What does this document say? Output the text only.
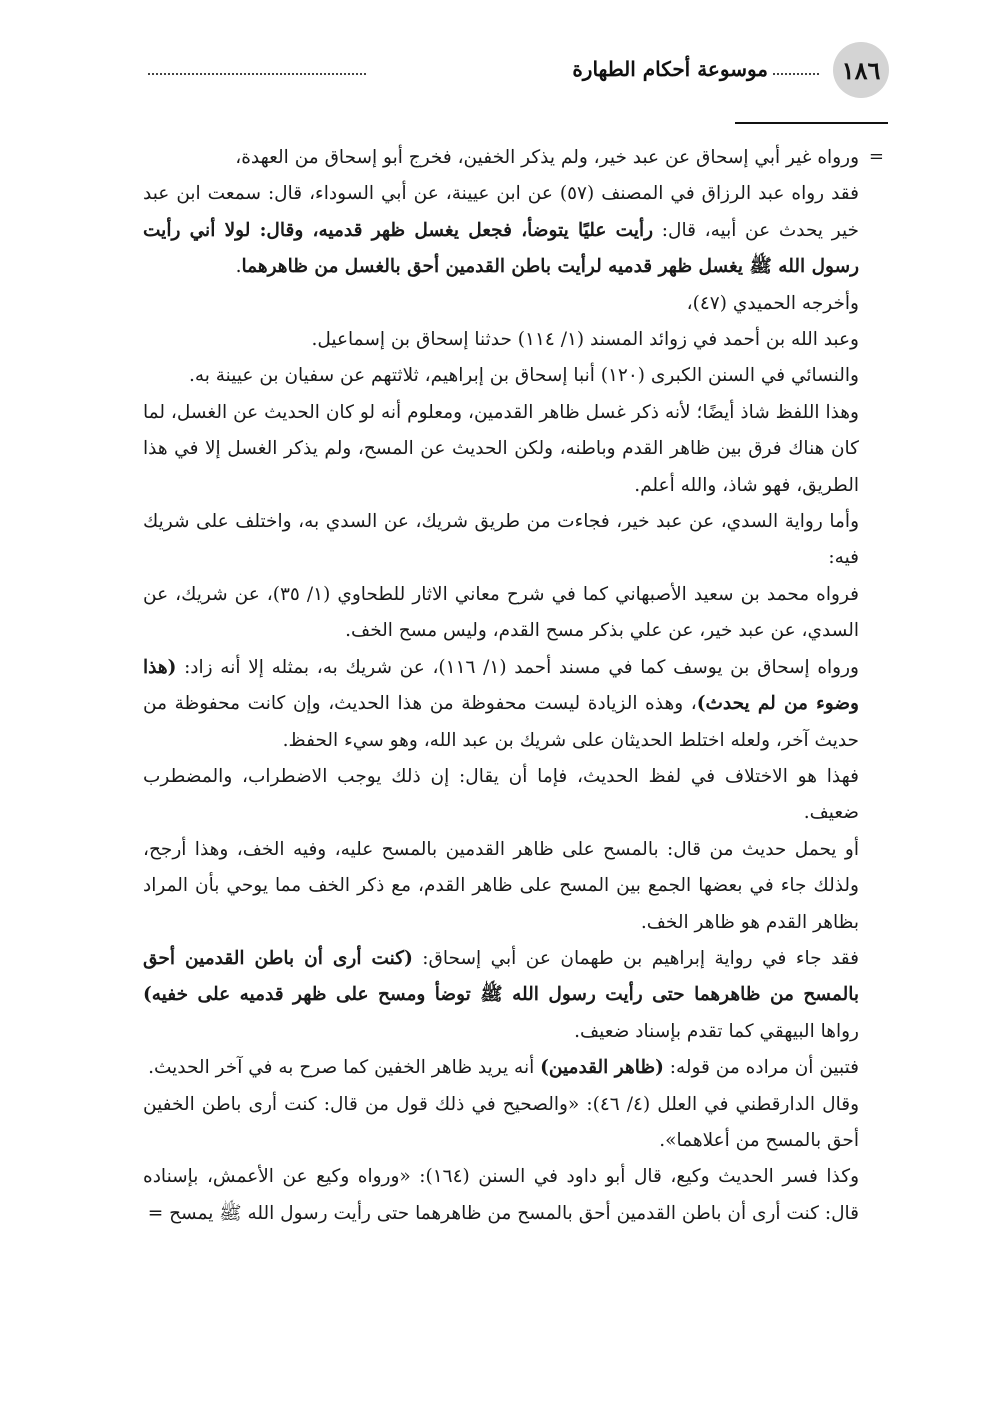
١٨٦
موسوعة أحكام الطهارة
=

ورواه غير أبي إسحاق عن عبد خير، ولم يذكر الخفين، فخرج أبو إسحاق من العهدة،

فقد رواه عبد الرزاق في المصنف (٥٧) عن ابن عيينة، عن أبي السوداء، قال: سمعت ابن عبد خير يحدث عن أبيه، قال: رأيت عليًا يتوضأ، فجعل يغسل ظهر قدميه، وقال: لولا أني رأيت رسول الله ﷺ يغسل ظهر قدميه لرأيت باطن القدمين أحق بالغسل من ظاهرهما.

وأخرجه الحميدي (٤٧)،

وعبد الله بن أحمد في زوائد المسند (١/ ١١٤) حدثنا إسحاق بن إسماعيل.

والنسائي في السنن الكبرى (١٢٠) أنبا إسحاق بن إبراهيم، ثلاثتهم عن سفيان بن عيينة به.

وهذا اللفظ شاذ أيضًا؛ لأنه ذكر غسل ظاهر القدمين، ومعلوم أنه لو كان الحديث عن الغسل، لما كان هناك فرق بين ظاهر القدم وباطنه، ولكن الحديث عن المسح، ولم يذكر الغسل إلا في هذا الطريق، فهو شاذ، والله أعلم.

وأما رواية السدي، عن عبد خير، فجاءت من طريق شريك، عن السدي به، واختلف على شريك فيه:

فرواه محمد بن سعيد الأصبهاني كما في شرح معاني الاثار للطحاوي (١/ ٣٥)، عن شريك، عن السدي، عن عبد خير، عن علي بذكر مسح القدم، وليس مسح الخف.

ورواه إسحاق بن يوسف كما في مسند أحمد (١/ ١١٦)، عن شريك به، بمثله إلا أنه زاد: (هذا وضوء من لم يحدث)، وهذه الزيادة ليست محفوظة من هذا الحديث، وإن كانت محفوظة من حديث آخر، ولعله اختلط الحديثان على شريك بن عبد الله، وهو سيء الحفظ.

فهذا هو الاختلاف في لفظ الحديث، فإما أن يقال: إن ذلك يوجب الاضطراب، والمضطرب ضعيف.

أو يحمل حديث من قال: بالمسح على ظاهر القدمين بالمسح عليه، وفيه الخف، وهذا أرجح، ولذلك جاء في بعضها الجمع بين المسح على ظاهر القدم، مع ذكر الخف مما يوحي بأن المراد بظاهر القدم هو ظاهر الخف.

فقد جاء في رواية إبراهيم بن طهمان عن أبي إسحاق: (كنت أرى أن باطن القدمين أحق بالمسح من ظاهرهما حتى رأيت رسول الله ﷺ توضأ ومسح على ظهر قدميه على خفيه) رواها البيهقي كما تقدم بإسناد ضعيف.

فتبين أن مراده من قوله: (ظاهر القدمين) أنه يريد ظاهر الخفين كما صرح به في آخر الحديث.

وقال الدارقطني في العلل (٤/ ٤٦): «والصحيح في ذلك قول من قال: كنت أرى باطن الخفين أحق بالمسح من أعلاهما».

وكذا فسر الحديث وكيع، قال أبو داود في السنن (١٦٤): «ورواه وكيع عن الأعمش، بإسناده قال: كنت أرى أن باطن القدمين أحق بالمسح من ظاهرهما حتى رأيت رسول الله ﷺ يمسح =
